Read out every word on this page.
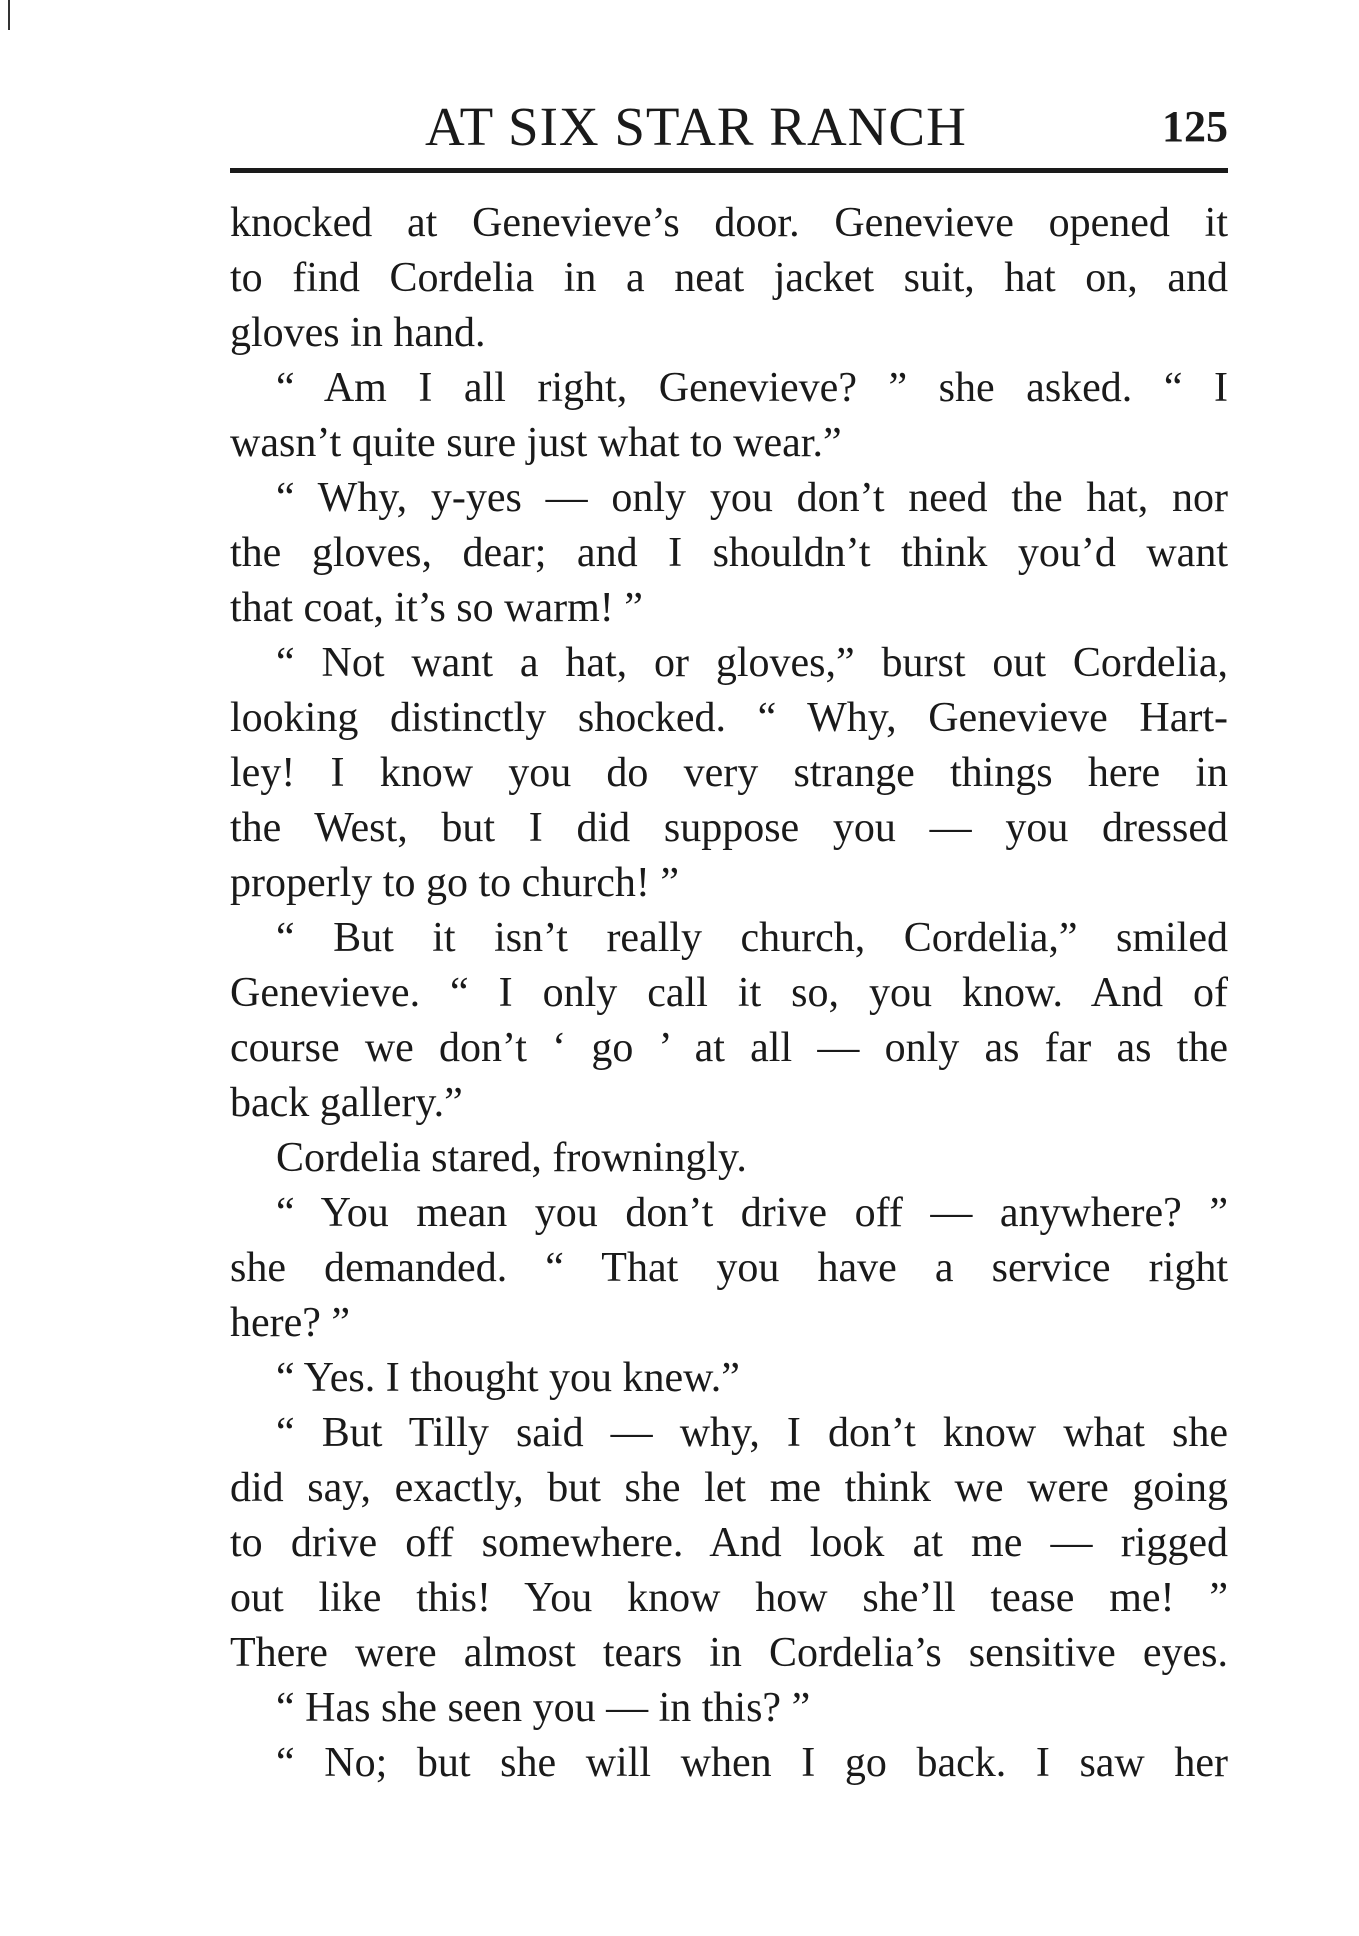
AT SIX STAR RANCH	125
knocked at Genevieve’s door. Genevieve opened it
to find Cordelia in a neat jacket suit, hat on, and
gloves in hand.
“ Am I all right, Genevieve? ” she asked. “ I
wasn’t quite sure just what to wear.”
“ Why, y-yes — only you don’t need the hat, nor
the gloves, dear; and I shouldn’t think you’d want
that coat, it’s so warm! ”
“ Not want a hat, or gloves,” burst out Cordelia,
looking distinctly shocked. “ Why, Genevieve Hart-
ley! I know you do very strange things here in
the West, but I did suppose you — you dressed
properly to go to church! ”
“ But it isn’t really church, Cordelia,” smiled
Genevieve. “ I only call it so, you know. And of
course we don’t ‘ go ’ at all — only as far as the
back gallery.”
Cordelia stared, frowningly.
“ You mean you don’t drive off — anywhere? ”
she demanded. “ That you have a service right
here? ”
“ Yes. I thought you knew.”
“ But Tilly said — why, I don’t know what she
did say, exactly, but she let me think we were going
to drive off somewhere. And look at me — rigged
out like this! You know how she’ll tease me! ”
There were almost tears in Cordelia’s sensitive eyes.
“ Has she seen you — in this? ”
“ No; but she will when I go back. I saw her
